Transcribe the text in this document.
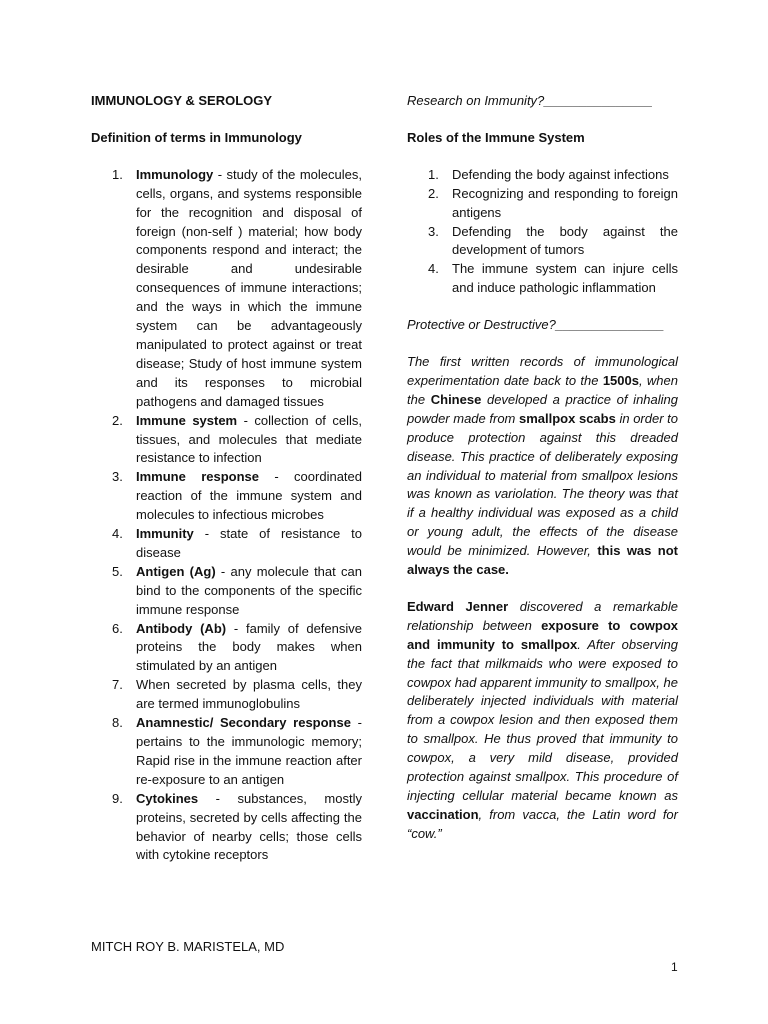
IMMUNOLOGY & SEROLOGY
Definition of terms in Immunology
1. Immunology - study of the molecules, cells, organs, and systems responsible for the recognition and disposal of foreign (non-self ) material; how body components respond and interact; the desirable and undesirable consequences of immune interactions; and the ways in which the immune system can be advantageously manipulated to protect against or treat disease; Study of host immune system and its responses to microbial pathogens and damaged tissues
2. Immune system - collection of cells, tissues, and molecules that mediate resistance to infection
3. Immune response - coordinated reaction of the immune system and molecules to infectious microbes
4. Immunity - state of resistance to disease
5. Antigen (Ag) - any molecule that can bind to the components of the specific immune response
6. Antibody (Ab) - family of defensive proteins the body makes when stimulated by an antigen
7. When secreted by plasma cells, they are termed immunoglobulins
8. Anamnestic/ Secondary response - pertains to the immunologic memory; Rapid rise in the immune reaction after re-exposure to an antigen
9. Cytokines - substances, mostly proteins, secreted by cells affecting the behavior of nearby cells; those cells with cytokine receptors
Research on Immunity?_______________
Roles of the Immune System
1. Defending the body against infections
2. Recognizing and responding to foreign antigens
3. Defending the body against the development of tumors
4. The immune system can injure cells and induce pathologic inflammation
Protective or Destructive?_______________

The first written records of immunological experimentation date back to the 1500s, when the Chinese developed a practice of inhaling powder made from smallpox scabs in order to produce protection against this dreaded disease. This practice of deliberately exposing an individual to material from smallpox lesions was known as variolation. The theory was that if a healthy individual was exposed as a child or young adult, the effects of the disease would be minimized. However, this was not always the case.

Edward Jenner discovered a remarkable relationship between exposure to cowpox and immunity to smallpox. After observing the fact that milkmaids who were exposed to cowpox had apparent immunity to smallpox, he deliberately injected individuals with material from a cowpox lesion and then exposed them to smallpox. He thus proved that immunity to cowpox, a very mild disease, provided protection against smallpox. This procedure of injecting cellular material became known as vaccination, from vacca, the Latin word for “cow.”

MITCH ROY B. MARISTELA, MD
1
